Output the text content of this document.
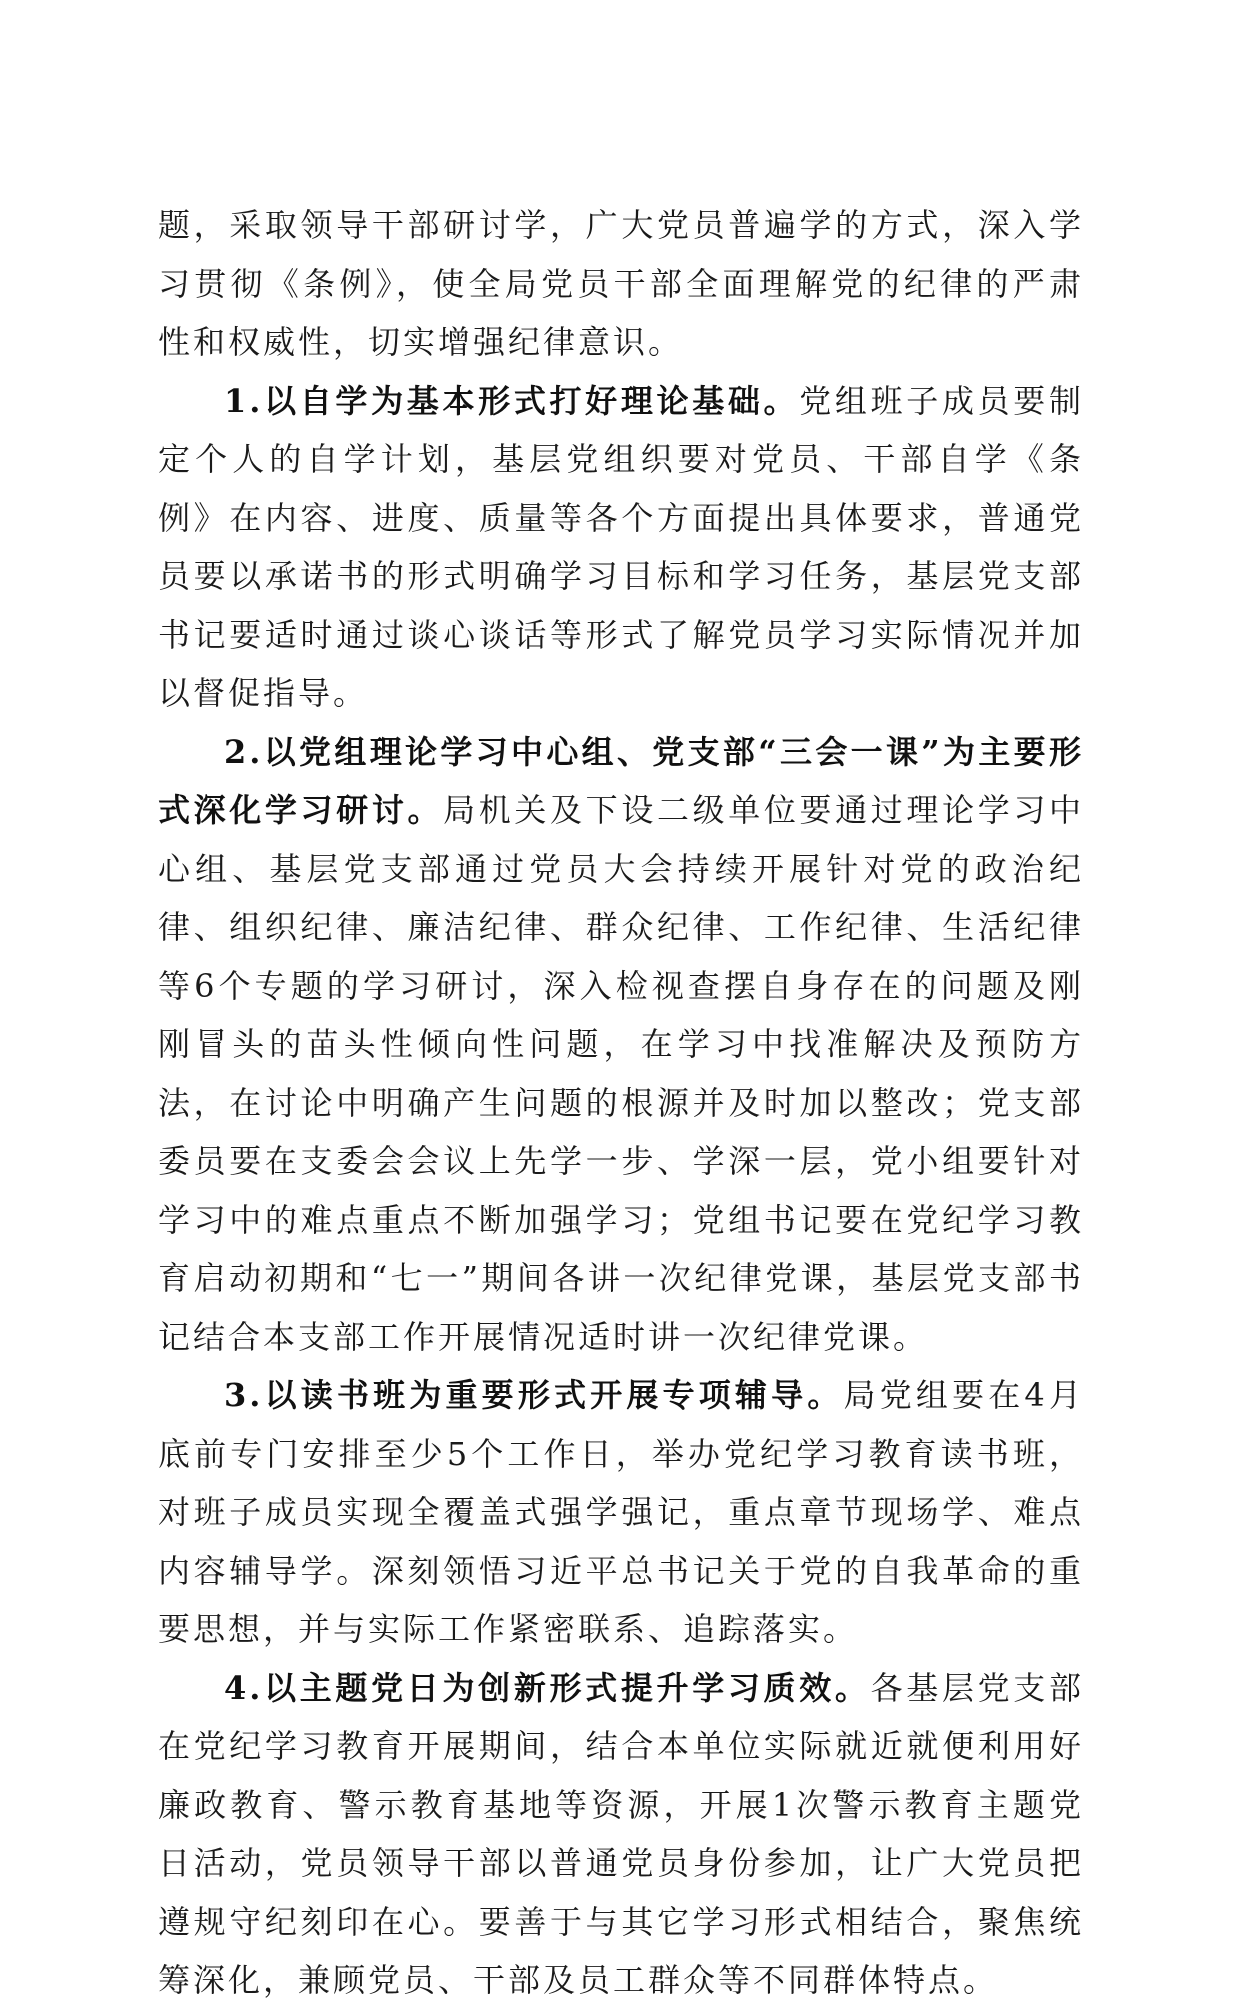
题，采取领导干部研讨学，广大党员普遍学的方式，深入学习贯彻《条例》，使全局党员干部全面理解党的纪律的严肃性和权威性，切实增强纪律意识。

1.以自学为基本形式打好理论基础。党组班子成员要制定个人的自学计划，基层党组织要对党员、干部自学《条例》在内容、进度、质量等各个方面提出具体要求，普通党员要以承诺书的形式明确学习目标和学习任务，基层党支部书记要适时通过谈心谈话等形式了解党员学习实际情况并加以督促指导。

2.以党组理论学习中心组、党支部“三会一课”为主要形式深化学习研讨。局机关及下设二级单位要通过理论学习中心组、基层党支部通过党员大会持续开展针对党的政治纪律、组织纪律、廉洁纪律、群众纪律、工作纪律、生活纪律等6个专题的学习研讨，深入检视查摆自身存在的问题及刚刚冒头的苗头性倾向性问题，在学习中找准解决及预防方法，在讨论中明确产生问题的根源并及时加以整改；党支部委员要在支委会会议上先学一步、学深一层，党小组要针对学习中的难点重点不断加强学习；党组书记要在党纪学习教育启动初期和“七一”期间各讲一次纪律党课，基层党支部书记结合本支部工作开展情况适时讲一次纪律党课。

3.以读书班为重要形式开展专项辅导。局党组要在4月底前专门安排至少5个工作日，举办党纪学习教育读书班，对班子成员实现全覆盖式强学强记，重点章节现场学、难点内容辅导学。深刻领悟习近平总书记关于党的自我革命的重要思想，并与实际工作紧密联系、追踪落实。

4.以主题党日为创新形式提升学习质效。各基层党支部在党纪学习教育开展期间，结合本单位实际就近就便利用好廉政教育、警示教育基地等资源，开展1次警示教育主题党日活动，党员领导干部以普通党员身份参加，让广大党员把遵规守纪刻印在心。要善于与其它学习形式相结合，聚焦统筹深化，兼顾党员、干部及员工群众等不同群体特点。
